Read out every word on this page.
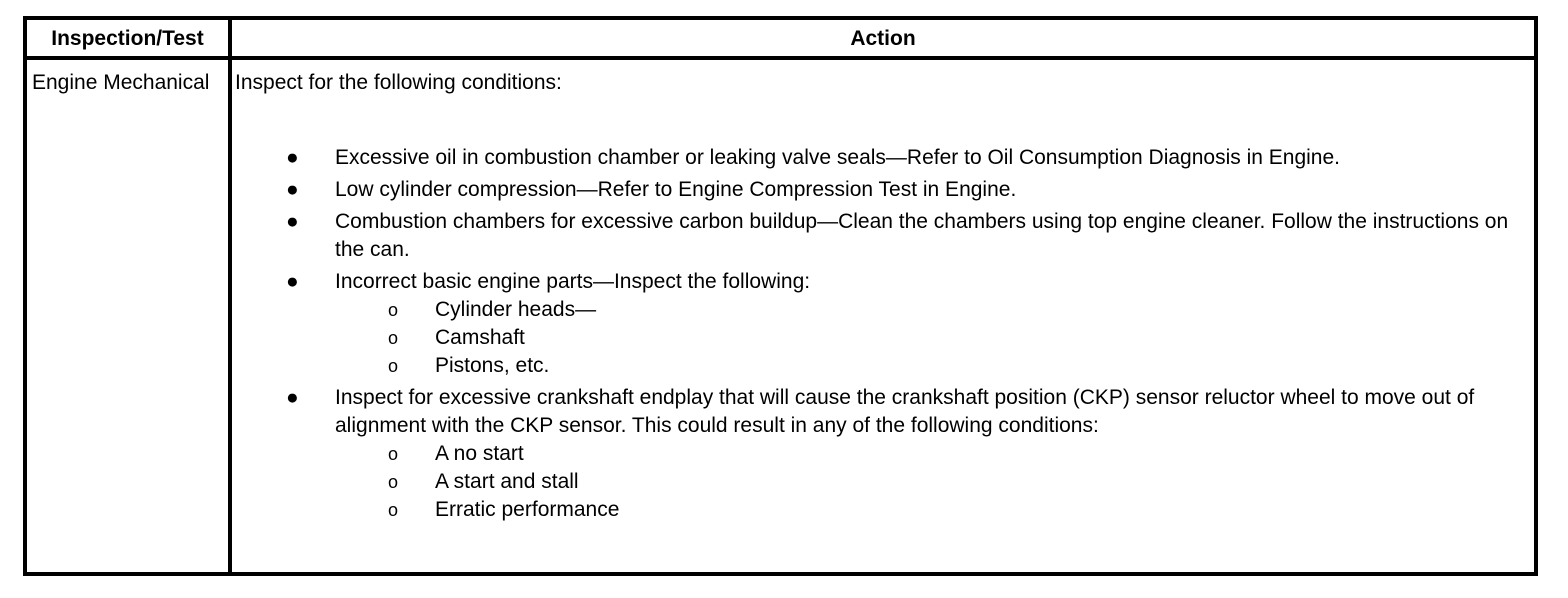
Inspection/Test	Action
Engine Mechanical	Inspect for the following conditions:

● Excessive oil in combustion chamber or leaking valve seals—Refer to Oil Consumption Diagnosis in Engine.
● Low cylinder compression—Refer to Engine Compression Test in Engine.
● Combustion chambers for excessive carbon buildup—Clean the chambers using top engine cleaner. Follow the instructions on the can.
● Incorrect basic engine parts—Inspect the following:
o Cylinder heads—
o Camshaft
o Pistons, etc.
● Inspect for excessive crankshaft endplay that will cause the crankshaft position (CKP) sensor reluctor wheel to move out of alignment with the CKP sensor. This could result in any of the following conditions:
o A no start
o A start and stall
o Erratic performance
